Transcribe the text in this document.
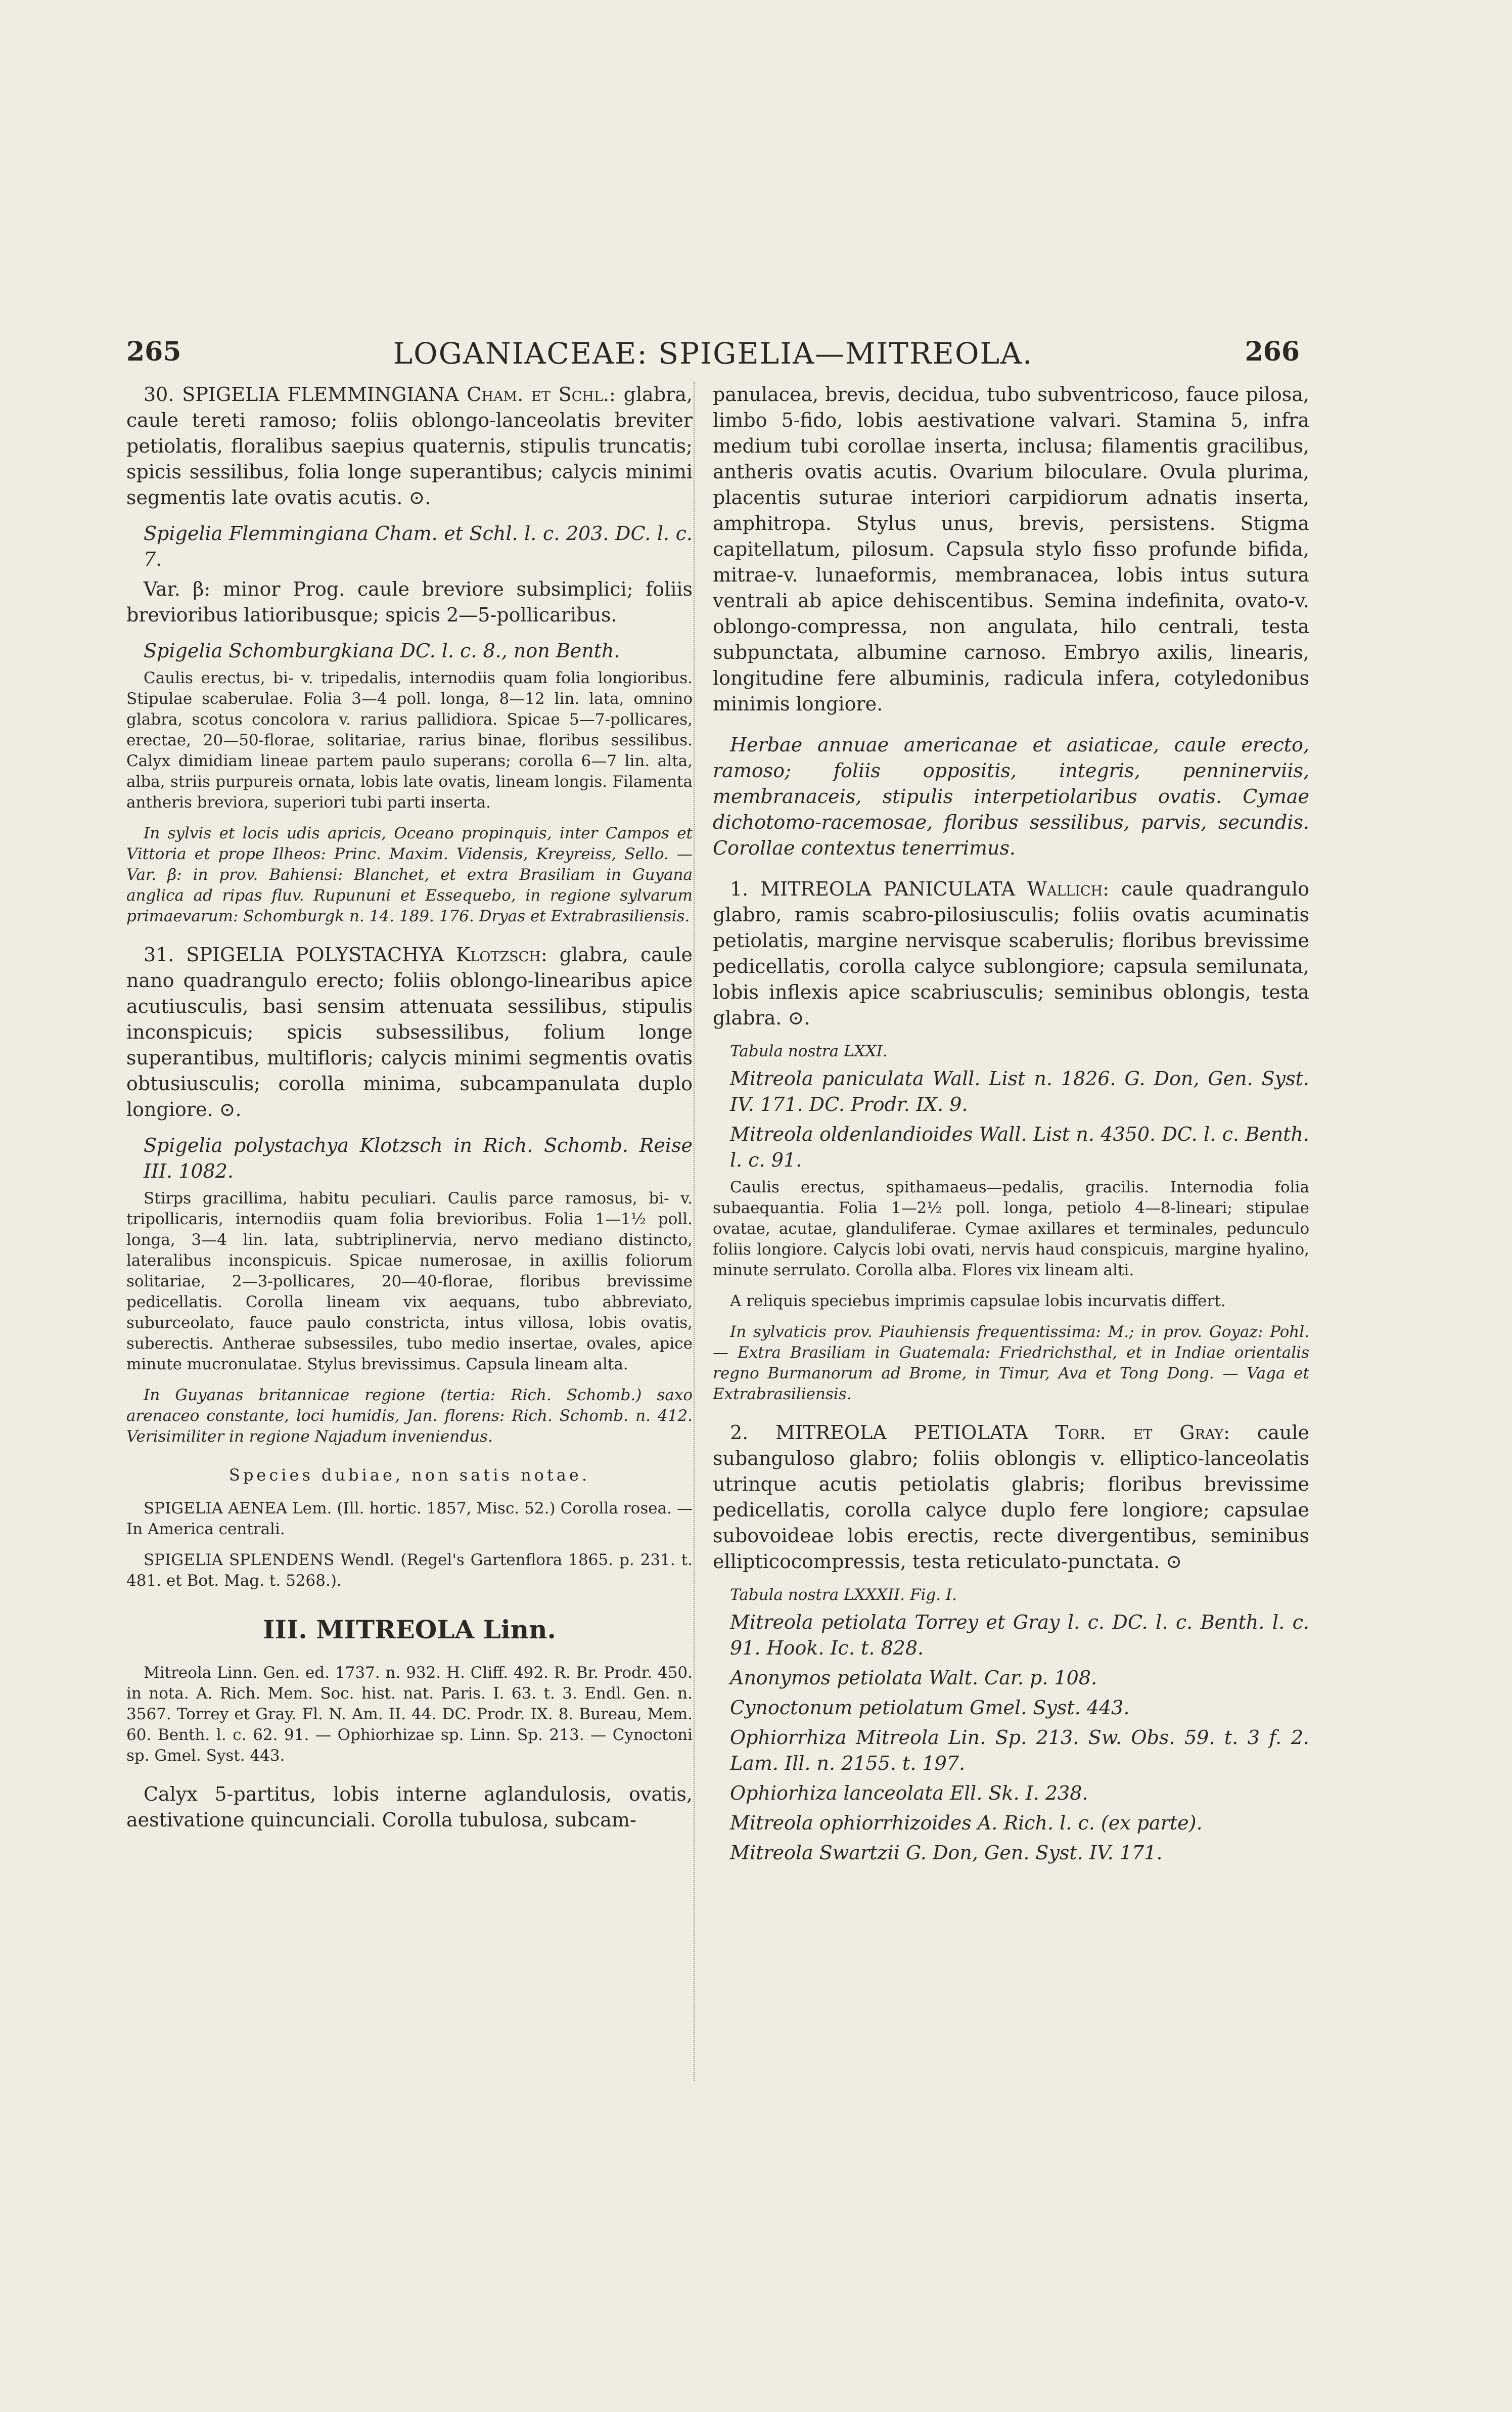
265	LOGANIACEAE: SPIGELIA—MITREOLA.	266

30. SPIGELIA FLEMMINGIANA Cham. et Schl.: glabra, caule tereti ramoso; foliis oblongo-lanceolatis breviter petiolatis, floralibus saepius quaternis, stipulis truncatis; spicis sessilibus, folia longe superantibus; calycis minimi segmentis late ovatis acutis. ⊙.

Spigelia Flemmingiana Cham. et Schl. l. c. 203. DC. l. c. 7.

Var. β: minor Prog. caule breviore subsimplici; foliis brevioribus latioribusque; spicis 2—5-pollicaribus.

Spigelia Schomburgkiana DC. l. c. 8., non Benth.

Caulis erectus, bi- v. tripedalis, internodiis quam folia longioribus. Stipulae scaberulae. Folia 3—4 poll. longa, 8—12 lin. lata, omnino glabra, scotus concolora v. rarius pallidiora. Spicae 5—7-pollicares, erectae, 20—50-florae, solitariae, rarius binae, floribus sessilibus. Calyx dimidiam lineae partem paulo superans; corolla 6—7 lin. alta, alba, striis purpureis ornata, lobis late ovatis, lineam longis. Filamenta antheris breviora, superiori tubi parti inserta.

In sylvis et locis udis apricis, Oceano propinquis, inter Campos et Vittoria et prope Ilheos: Princ. Maxim. Vidensis, Kreyreiss, Sello. — Var. β: in prov. Bahiensi: Blanchet, et extra Brasiliam in Guyana anglica ad ripas fluv. Rupununi et Essequebo, in regione sylvarum primaevarum: Schomburgk n. 14. 189. 176. Dryas et Extrabrasiliensis.

31. SPIGELIA POLYSTACHYA Klotzsch: glabra, caule nano quadrangulo erecto; foliis oblongo-linearibus apice acutiusculis, basi sensim attenuata sessilibus, stipulis inconspicuis; spicis subsessilibus, folium longe superantibus, multifloris; calycis minimi segmentis ovatis obtusiusculis; corolla minima, subcampanulata duplo longiore. ⊙.

Spigelia polystachya Klotzsch in Rich. Schomb. Reise III. 1082.

Stirps gracillima, habitu peculiari. Caulis parce ramosus, bi- v. tripollicaris, internodiis quam folia brevioribus. Folia 1—1½ poll. longa, 3—4 lin. lata, subtriplinervia, nervo mediano distincto, lateralibus inconspicuis. Spicae numerosae, in axillis foliorum solitariae, 2—3-pollicares, 20—40-florae, floribus brevissime pedicellatis. Corolla lineam vix aequans, tubo abbreviato, suburceolato, fauce paulo constricta, intus villosa, lobis ovatis, suberectis. Antherae subsessiles, tubo medio insertae, ovales, apice minute mucronulatae. Stylus brevissimus. Capsula lineam alta.

In Guyanas britannicae regione (tertia: Rich. Schomb.) saxo arenaceo constante, loci humidis, Jan. florens: Rich. Schomb. n. 412. Verisimiliter in regione Najadum inveniendus.

Species dubiae, non satis notae.

SPIGELIA AENEA Lem. (Ill. hortic. 1857, Misc. 52.) Corolla rosea. — In America centrali.

SPIGELIA SPLENDENS Wendl. (Regel's Gartenflora 1865. p. 231. t. 481. et Bot. Mag. t. 5268.).

III. MITREOLA Linn.

Mitreola Linn. Gen. ed. 1737. n. 932. H. Cliff. 492. R. Br. Prodr. 450. in nota. A. Rich. Mem. Soc. hist. nat. Paris. I. 63. t. 3. Endl. Gen. n. 3567. Torrey et Gray. Fl. N. Am. II. 44. DC. Prodr. IX. 8. Bureau, Mem. 60. Benth. l. c. 62. 91. — Ophiorhizae sp. Linn. Sp. 213. — Cynoctoni sp. Gmel. Syst. 443.

Calyx 5-partitus, lobis interne aglandulosis, ovatis, aestivatione quincunciali. Corolla tubulosa, subcam-

panulacea, brevis, decidua, tubo subventricoso, fauce pilosa, limbo 5-fido, lobis aestivatione valvari. Stamina 5, infra medium tubi corollae inserta, inclusa; filamentis gracilibus, antheris ovatis acutis. Ovarium biloculare. Ovula plurima, placentis suturae interiori carpidiorum adnatis inserta, amphitropa. Stylus unus, brevis, persistens. Stigma capitellatum, pilosum. Capsula stylo fisso profunde bifida, mitrae-v. lunaeformis, membranacea, lobis intus sutura ventrali ab apice dehiscentibus. Semina indefinita, ovato-v. oblongo-compressa, non angulata, hilo centrali, testa subpunctata, albumine carnoso. Embryo axilis, linearis, longitudine fere albuminis, radicula infera, cotyledonibus minimis longiore.

Herbae annuae americanae et asiaticae, caule erecto, ramoso; foliis oppositis, integris, penninerviis, membranaceis, stipulis interpetiolaribus ovatis. Cymae dichotomo-racemosae, floribus sessilibus, parvis, secundis. Corollae contextus tenerrimus.

1. MITREOLA PANICULATA Wallich: caule quadrangulo glabro, ramis scabro-pilosiusculis; foliis ovatis acuminatis petiolatis, margine nervisque scaberulis; floribus brevissime pedicellatis, corolla calyce sublongiore; capsula semilunata, lobis inflexis apice scabriusculis; seminibus oblongis, testa glabra. ⊙.

Tabula nostra LXXI.

Mitreola paniculata Wall. List n. 1826. G. Don, Gen. Syst. IV. 171. DC. Prodr. IX. 9.

Mitreola oldenlandioides Wall. List n. 4350. DC. l. c. Benth. l. c. 91.

Caulis erectus, spithamaeus—pedalis, gracilis. Internodia folia subaequantia. Folia 1—2½ poll. longa, petiolo 4—8-lineari; stipulae ovatae, acutae, glanduliferae. Cymae axillares et terminales, pedunculo foliis longiore. Calycis lobi ovati, nervis haud conspicuis, margine hyalino, minute serrulato. Corolla alba. Flores vix lineam alti.

A reliquis speciebus imprimis capsulae lobis incurvatis differt.

In sylvaticis prov. Piauhiensis frequentissima: M.; in prov. Goyaz: Pohl. — Extra Brasiliam in Guatemala: Friedrichsthal, et in Indiae orientalis regno Burmanorum ad Brome, in Timur, Ava et Tong Dong. — Vaga et Extrabrasiliensis.

2. MITREOLA PETIOLATA Torr. et Gray: caule subanguloso glabro; foliis oblongis v. elliptico-lanceolatis utrinque acutis petiolatis glabris; floribus brevissime pedicellatis, corolla calyce duplo fere longiore; capsulae subovoideae lobis erectis, recte divergentibus, seminibus ellipticocompressis, testa reticulato-punctata. ⊙

Tabula nostra LXXXII. Fig. I.

Mitreola petiolata Torrey et Gray l. c. DC. l. c. Benth. l. c. 91. Hook. Ic. t. 828.

Anonymos petiolata Walt. Car. p. 108.

Cynoctonum petiolatum Gmel. Syst. 443.

Ophiorrhiza Mitreola Lin. Sp. 213. Sw. Obs. 59. t. 3 f. 2. Lam. Ill. n. 2155. t. 197.

Ophiorhiza lanceolata Ell. Sk. I. 238.

Mitreola ophiorrhizoides A. Rich. l. c. (ex parte).

Mitreola Swartzii G. Don, Gen. Syst. IV. 171.
